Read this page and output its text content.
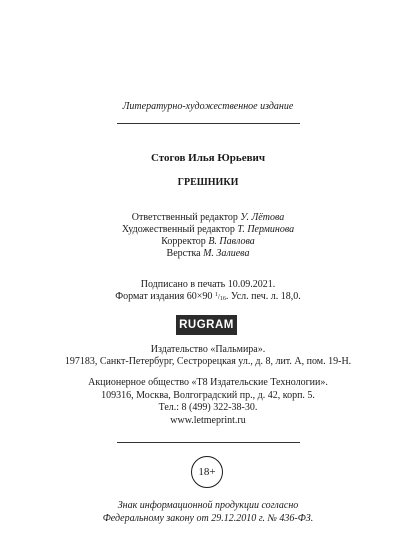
Литературно-художественное издание
Стогов Илья Юрьевич
ГРЕШНИКИ
Ответственный редактор У. Лётова
Художественный редактор Т. Перминова
Корректор В. Павлова
Верстка М. Залиева
Подписано в печать 10.09.2021.
Формат издания 60×90 $^1/_{16}$. Усл. печ. л. 18,0.
RUGRAM
Издательство «Пальмира».
197183, Санкт-Петербург, Сестрорецкая ул., д. 8, лит. А, пом. 19-Н.
Акционерное общество «Т8 Издательские Технологии».
109316, Москва, Волгоградский пр., д. 42, корп. 5.
Тел.: 8 (499) 322-38-30.
www.letmeprint.ru
18+
Знак информационной продукции согласно
Федеральному закону от 29.12.2010 г. № 436-ФЗ.
